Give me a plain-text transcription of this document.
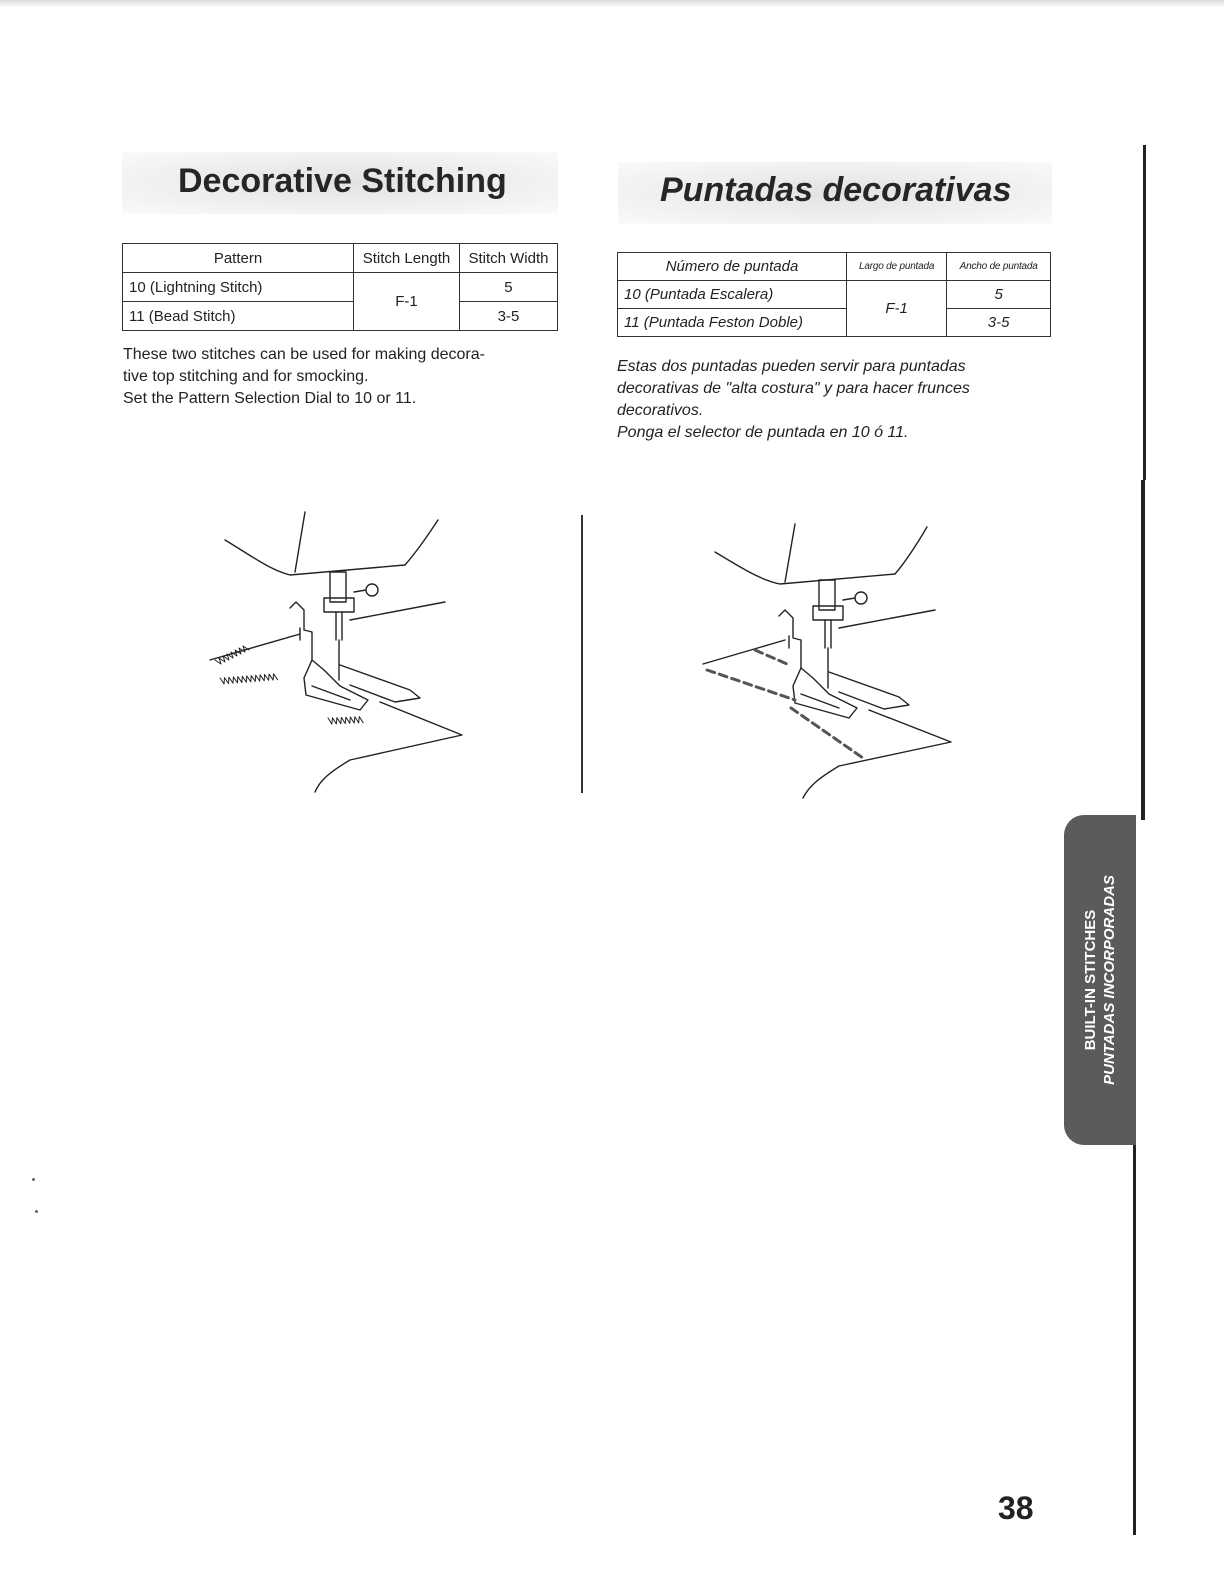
Decorative Stitching	Puntadas decorativas
Pattern	Stitch Length	Stitch Width
10 (Lightning Stitch)	F-1	5
11 (Bead Stitch)		3-5
Número de puntada	Largo de puntada	Ancho de puntada
10 (Puntada Escalera)	F-1	5
11 (Puntada Feston Doble)		3-5

These two stitches can be used for making decora-
tive top stitching and for smocking.
Set the Pattern Selection Dial to 10 or 11.

Estas dos puntadas pueden servir para puntadas
decorativas de "alta costura" y para hacer frunces
decorativos.
Ponga el selector de puntada en 10 ó 11.

BUILT-IN STITCHES PUNTADAS INCORPORADAS
38
